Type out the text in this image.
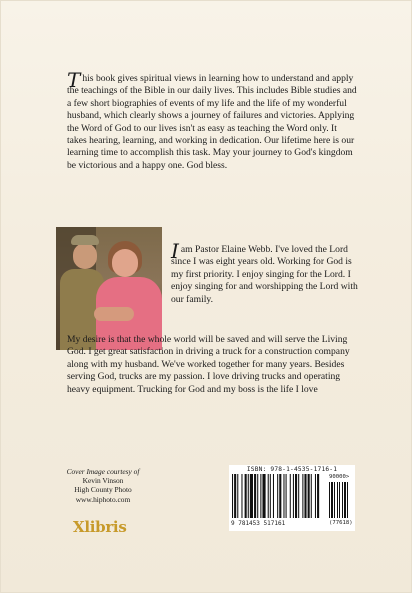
This book gives spiritual views in learning how to understand and apply the teachings of the Bible in our daily lives. This includes Bible studies and a few short biographies of events of my life and the life of my wonderful husband, which clearly shows a journey of failures and victories. Applying the Word of God to our lives isn't as easy as teaching the Word only. It takes hearing, learning, and working in dedication. Our lifetime here is our learning time to accomplish this task. May your journey to God's kingdom be victorious and a happy one. God bless.
I am Pastor Elaine Webb. I've loved the Lord since I was eight years old. Working for God is my first priority. I enjoy singing for the Lord. I enjoy singing for and worshipping the Lord with our family.

My desire is that the whole world will be saved and will serve the Living God. I get great satisfaction in driving a truck for a construction company along with my husband. We've worked together for many years. Besides serving God, trucks are my passion. I love driving trucks and operating heavy equipment. Trucking for God and my boss is the life I love

Cover Image courtesy of
Kevin Vinson
High County Photo
www.hiphoto.com
Xlibris
ISBN: 978-1-4535-1716-1
9 781453 517161
90000>
(77618)
